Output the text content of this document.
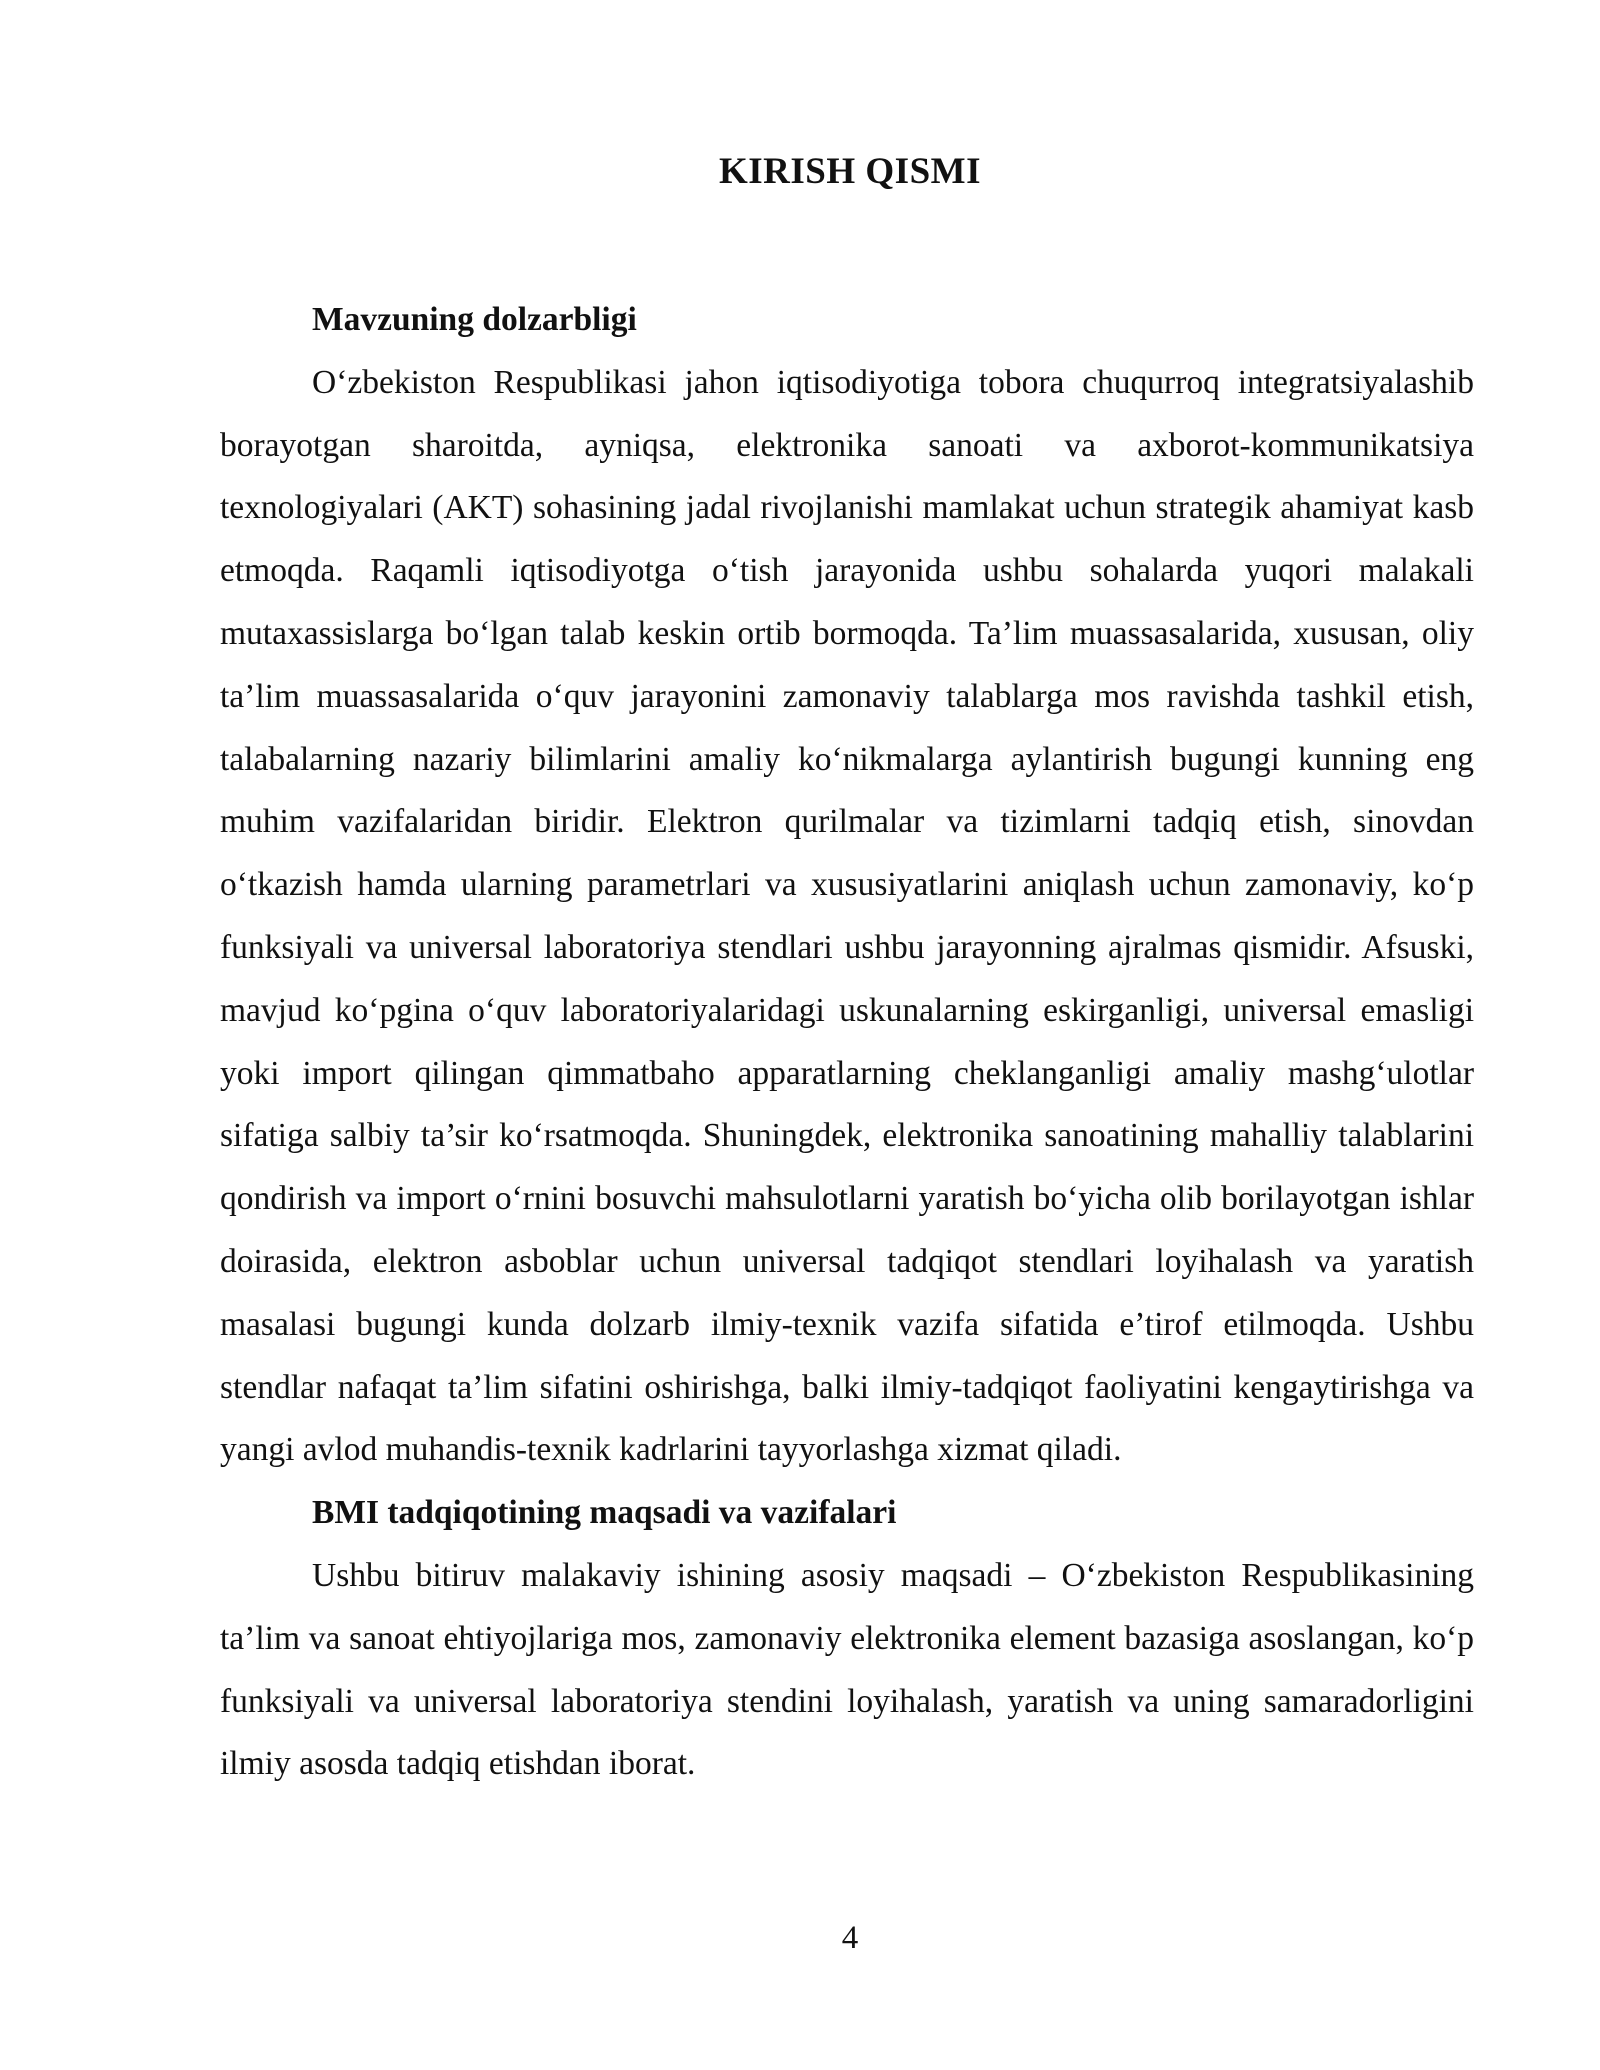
KIRISH QISMI

Mavzuning dolzarbligi

O‘zbekiston Respublikasi jahon iqtisodiyotiga tobora chuqurroq integratsiyalashib borayotgan sharoitda, ayniqsa, elektronika sanoati va axborot-kommunikatsiya texnologiyalari (AKT) sohasining jadal rivojlanishi mamlakat uchun strategik ahamiyat kasb etmoqda. Raqamli iqtisodiyotga o‘tish jarayonida ushbu sohalarda yuqori malakali mutaxassislarga bo‘lgan talab keskin ortib bormoqda. Ta’lim muassasalarida, xususan, oliy ta’lim muassasalarida o‘quv jarayonini zamonaviy talablarga mos ravishda tashkil etish, talabalarning nazariy bilimlarini amaliy ko‘nikmalarga aylantirish bugungi kunning eng muhim vazifalaridan biridir. Elektron qurilmalar va tizimlarni tadqiq etish, sinovdan o‘tkazish hamda ularning parametrlari va xususiyatlarini aniqlash uchun zamonaviy, ko‘p funksiyali va universal laboratoriya stendlari ushbu jarayonning ajralmas qismidir. Afsuski, mavjud ko‘pgina o‘quv laboratoriyalaridagi uskunalarning eskirganligi, universal emasligi yoki import qilingan qimmatbaho apparatlarning cheklanganligi amaliy mashg‘ulotlar sifatiga salbiy ta’sir ko‘rsatmoqda. Shuningdek, elektronika sanoatining mahalliy talablarini qondirish va import o‘rnini bosuvchi mahsulotlarni yaratish bo‘yicha olib borilayotgan ishlar doirasida, elektron asboblar uchun universal tadqiqot stendlari loyihalash va yaratish masalasi bugungi kunda dolzarb ilmiy-texnik vazifa sifatida e’tirof etilmoqda. Ushbu stendlar nafaqat ta’lim sifatini oshirishga, balki ilmiy-tadqiqot faoliyatini kengaytirishga va yangi avlod muhandis-texnik kadrlarini tayyorlashga xizmat qiladi.

BMI tadqiqotining maqsadi va vazifalari

Ushbu bitiruv malakaviy ishining asosiy maqsadi – O‘zbekiston Respublikasining ta’lim va sanoat ehtiyojlariga mos, zamonaviy elektronika element bazasiga asoslangan, ko‘p funksiyali va universal laboratoriya stendini loyihalash, yaratish va uning samaradorligini ilmiy asosda tadqiq etishdan iborat.

4
